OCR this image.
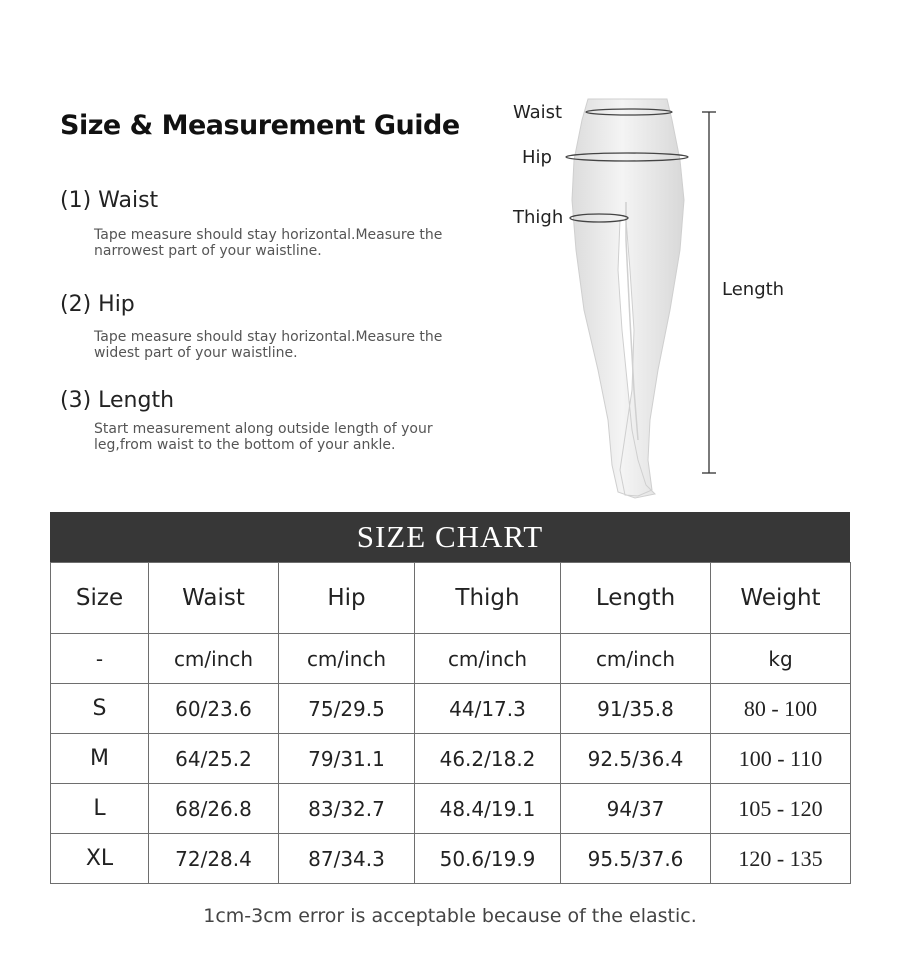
Size & Measurement Guide
(1) Waist
Tape measure should stay horizontal.Measure the narrowest part of your waistline.
(2) Hip
Tape measure should stay horizontal.Measure the widest part of your waistline.
(3) Length
Start measurement along outside length of your leg,from waist to the bottom of your ankle.
Waist
Hip
Thigh
Length
SIZE CHART
Size	Waist	Hip	Thigh	Length	Weight
-	cm/inch	cm/inch	cm/inch	cm/inch	kg
S	60/23.6	75/29.5	44/17.3	91/35.8	80 - 100
M	64/25.2	79/31.1	46.2/18.2	92.5/36.4	100 - 110
L	68/26.8	83/32.7	48.4/19.1	94/37	105 - 120
XL	72/28.4	87/34.3	50.6/19.9	95.5/37.6	120 - 135
1cm-3cm error is acceptable because of the elastic.
